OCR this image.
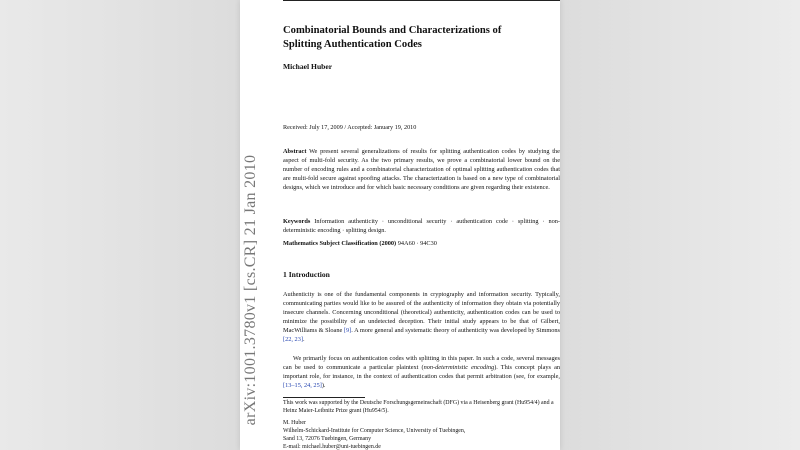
arXiv:1001.3780v1 [cs.CR] 21 Jan 2010
Combinatorial Bounds and Characterizations of
Splitting Authentication Codes
Michael Huber
Received: July 17, 2009 / Accepted: January 19, 2010

Abstract We present several generalizations of results for splitting authentication codes by studying the aspect of multi-fold security. As the two primary results, we prove a combinatorial lower bound on the number of encoding rules and a combinatorial characterization of optimal splitting authentication codes that are multi-fold secure against spoofing attacks. The characterization is based on a new type of combinatorial designs, which we introduce and for which basic necessary conditions are given regarding their existence.

Keywords Information authenticity · unconditional security · authentication code · splitting · non-deterministic encoding · splitting design.

Mathematics Subject Classification (2000) 94A60 · 94C30
1 Introduction

Authenticity is one of the fundamental components in cryptography and information security. Typically, communicating parties would like to be assured of the authenticity of information they obtain via potentially insecure channels. Concerning unconditional (theoretical) authenticity, authentication codes can be used to minimize the possibility of an undetected deception. Their initial study appears to be that of Gilbert, MacWilliams & Sloane [9]. A more general and systematic theory of authenticity was developed by Simmons [22, 23].

We primarily focus on authentication codes with splitting in this paper. In such a code, several messages can be used to communicate a particular plaintext (non-deterministic encoding). This concept plays an important role, for instance, in the context of authentication codes that permit arbitration (see, for example, [13–15, 24, 25]).

This work was supported by the Deutsche Forschungsgemeinschaft (DFG) via a Heisenberg grant (Hu954/4) and a Heinz Maier-Leibnitz Prize grant (Hu954/5).

M. Huber
Wilhelm-Schickard-Institute for Computer Science, University of Tuebingen,
Sand 13, 72076 Tuebingen, Germany
E-mail: michael.huber@uni-tuebingen.de
